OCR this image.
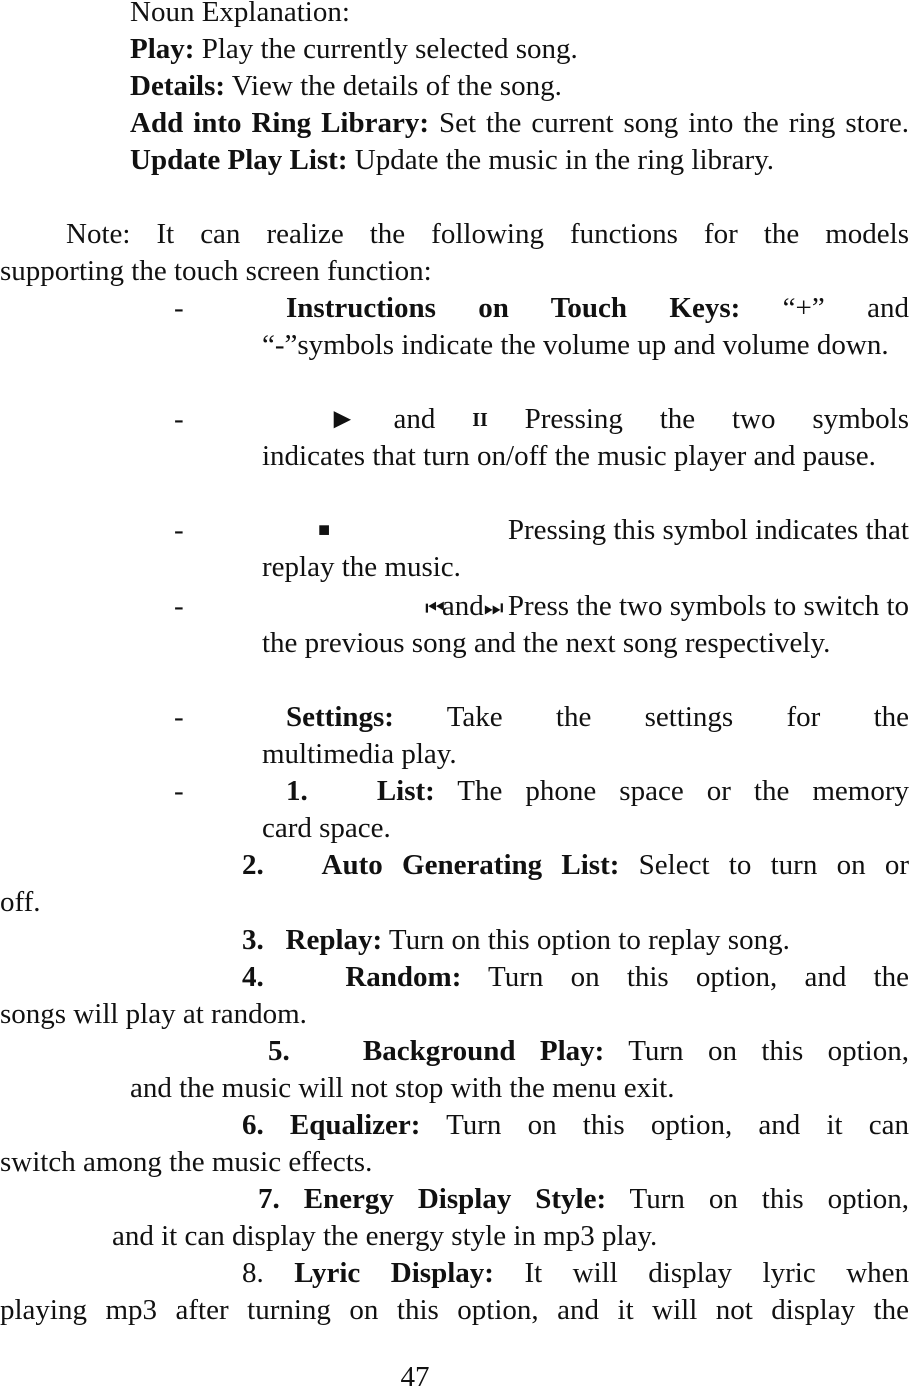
Noun Explanation:
Play: Play the currently selected song.
Details: View the details of the song.
Add into Ring Library: Set the current song into the ring store. Update Play List: Update the music in the ring library.
Note: It can realize the following functions for the models
supporting the touch screen function:
-	Instructions on Touch Keys: “+” and
“-”symbols indicate the volume up and volume down.
-	► and II Pressing the two symbols
indicates that turn on/off the music player and pause.
-	■	Pressing this symbol indicates that
replay the music.
-	⏮and⏭ Press the two symbols to switch to
the previous song and the next song respectively.
-	Settings: Take the settings for the
multimedia play.
-	1. List: The phone space or the memory
card space.
2.   Auto Generating List: Select to turn on or
off.
3.   Replay: Turn on this option to replay song.
4.   Random: Turn on this option, and the
songs will play at random.
5.   Background Play: Turn on this option,
and the music will not stop with the menu exit.
6. Equalizer: Turn on this option, and it can
switch among the music effects.
7. Energy Display Style: Turn on this option,
and it can display the energy style in mp3 play.
8. Lyric Display: It will display lyric when
playing mp3 after turning on this option, and it will not display the
47
